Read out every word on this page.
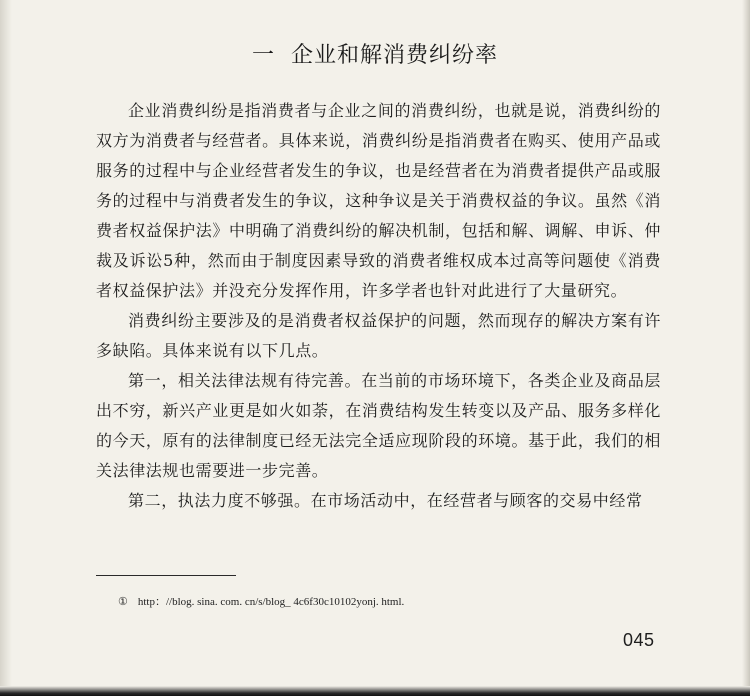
一 企业和解消费纠纷率

企业消费纠纷是指消费者与企业之间的消费纠纷，也就是说，消费纠纷的双方为消费者与经营者。具体来说，消费纠纷是指消费者在购买、使用产品或服务的过程中与企业经营者发生的争议，也是经营者在为消费者提供产品或服务的过程中与消费者发生的争议，这种争议是关于消费权益的争议。虽然《消费者权益保护法》中明确了消费纠纷的解决机制，包括和解、调解、申诉、仲裁及诉讼5种，然而由于制度因素导致的消费者维权成本过高等问题使《消费者权益保护法》并没充分发挥作用，许多学者也针对此进行了大量研究。

消费纠纷主要涉及的是消费者权益保护的问题，然而现存的解决方案有许多缺陷。具体来说有以下几点。

第一，相关法律法规有待完善。在当前的市场环境下，各类企业及商品层出不穷，新兴产业更是如火如荼，在消费结构发生转变以及产品、服务多样化的今天，原有的法律制度已经无法完全适应现阶段的环境。基于此，我们的相关法律法规也需要进一步完善。

第二，执法力度不够强。在市场活动中，在经营者与顾客的交易中经常

① http：//blog. sina. com. cn/s/blog_ 4c6f30c10102yonj. html.
045
